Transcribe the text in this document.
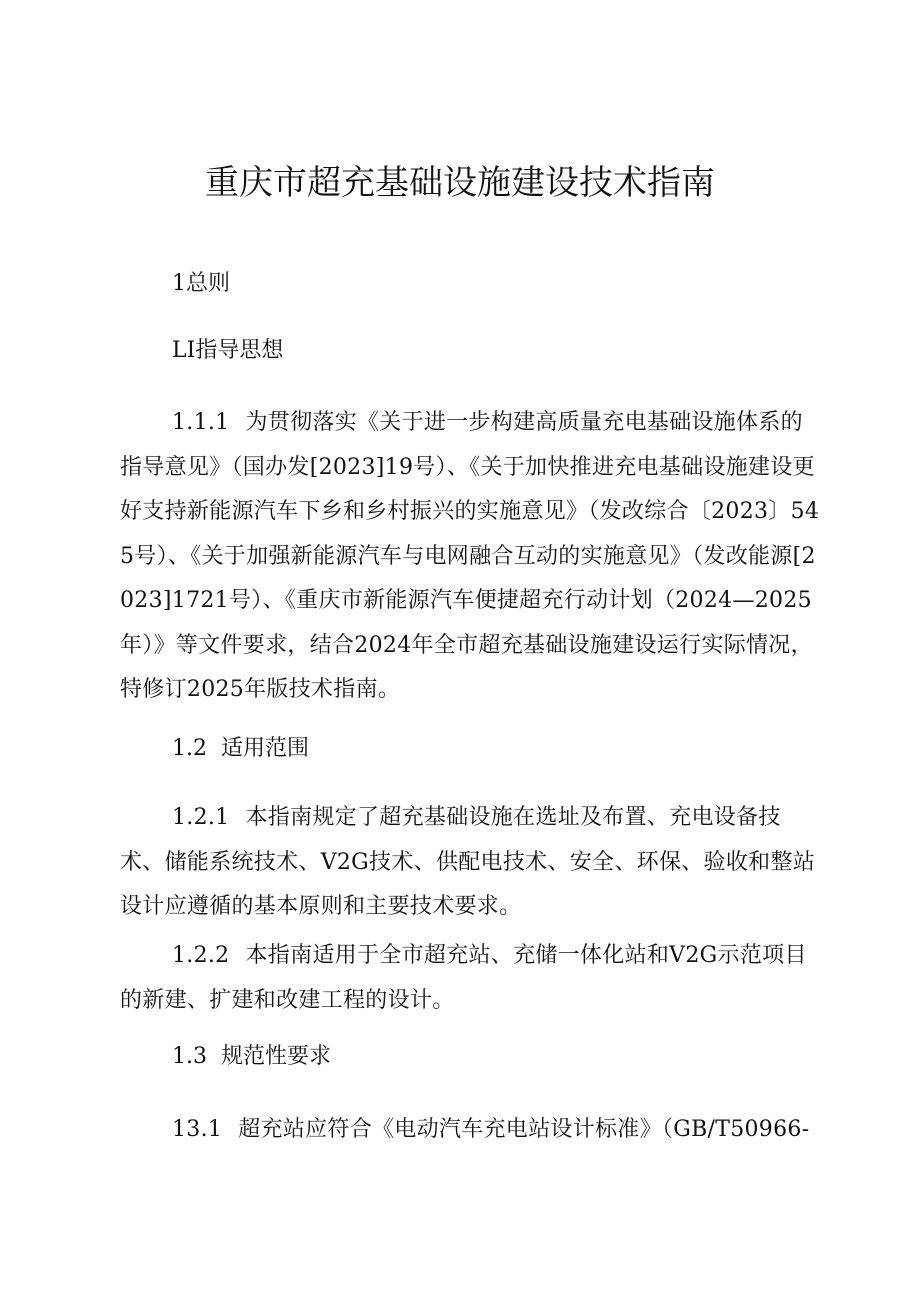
重庆市超充基础设施建设技术指南
1总则
LI指导思想
1.1.1 为贯彻落实《关于进一步构建高质量充电基础设施体系的指导意见》（国办发[2023]19号）、《关于加快推进充电基础设施建设更好支持新能源汽车下乡和乡村振兴的实施意见》（发改综合〔2023〕545号）、《关于加强新能源汽车与电网融合互动的实施意见》（发改能源[2023]1721号）、《重庆市新能源汽车便捷超充行动计划（2024—2025年）》等文件要求，结合2024年全市超充基础设施建设运行实际情况，特修订2025年版技术指南。
1.2 适用范围
1.2.1 本指南规定了超充基础设施在选址及布置、充电设备技术、储能系统技术、V2G技术、供配电技术、安全、环保、验收和整站设计应遵循的基本原则和主要技术要求。
1.2.2 本指南适用于全市超充站、充储一体化站和V2G示范项目的新建、扩建和改建工程的设计。
1.3 规范性要求
13.1 超充站应符合《电动汽车充电站设计标准》（GB/T50966-
